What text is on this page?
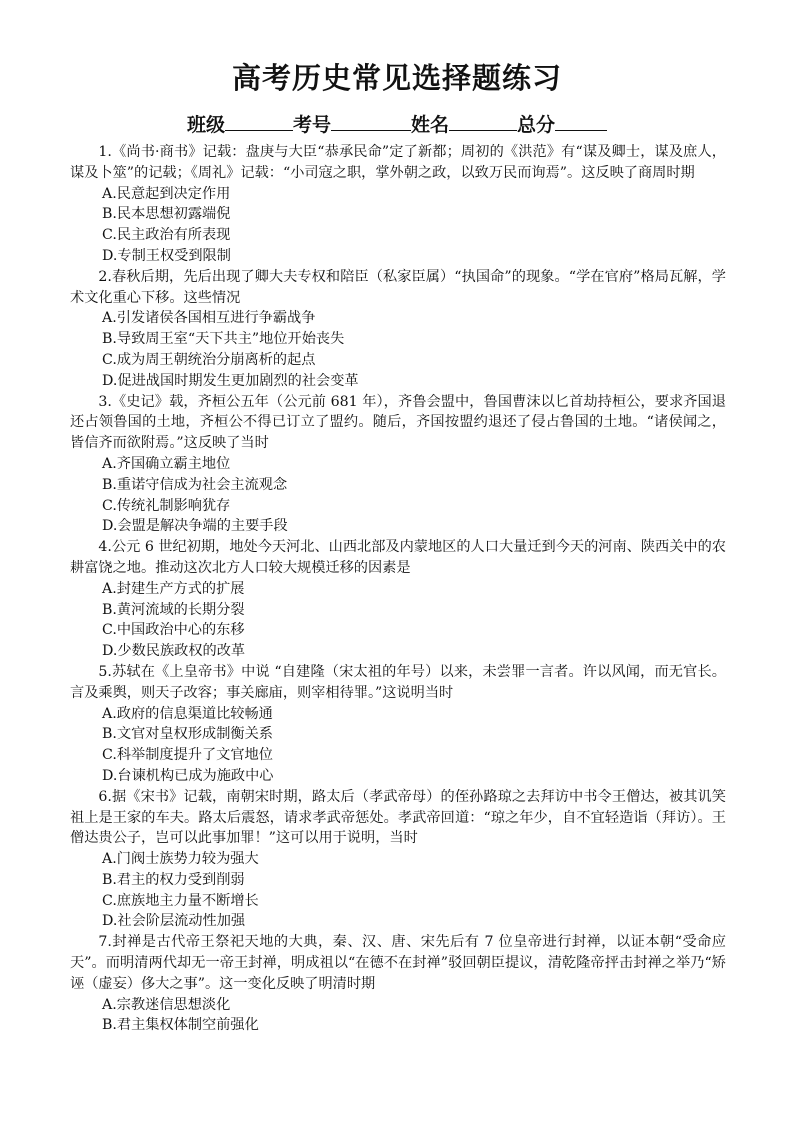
高考历史常见选择题练习
班级	考号	姓名	总分

1.《尚书·商书》记载：盘庚与大臣“恭承民命”定了新都；周初的《洪范》有“谋及卿士，谋及庶人，谋及卜筮”的记载；《周礼》记载：“小司寇之职，掌外朝之政，以致万民而询焉”。这反映了商周时期

A.民意起到决定作用

B.民本思想初露端倪

C.民主政治有所表现

D.专制王权受到限制

2.春秋后期，先后出现了卿大夫专权和陪臣（私家臣属）“执国命”的现象。“学在官府”格局瓦解，学术文化重心下移。这些情况

A.引发诸侯各国相互进行争霸战争

B.导致周王室“天下共主”地位开始丧失

C.成为周王朝统治分崩离析的起点

D.促进战国时期发生更加剧烈的社会变革

3.《史记》载，齐桓公五年（公元前 681 年），齐鲁会盟中，鲁国曹沫以匕首劫持桓公，要求齐国退还占领鲁国的土地，齐桓公不得已订立了盟约。随后，齐国按盟约退还了侵占鲁国的土地。“诸侯闻之，皆信齐而欲附焉。”这反映了当时

A.齐国确立霸主地位

B.重诺守信成为社会主流观念

C.传统礼制影响犹存

D.会盟是解决争端的主要手段

4.公元 6 世纪初期，地处今天河北、山西北部及内蒙地区的人口大量迁到今天的河南、陕西关中的农耕富饶之地。推动这次北方人口较大规模迁移的因素是

A.封建生产方式的扩展

B.黄河流域的长期分裂

C.中国政治中心的东移

D.少数民族政权的改革

5.苏轼在《上皇帝书》中说 “自建隆（宋太祖的年号）以来，未尝罪一言者。许以风闻，而无官长。言及乘舆，则天子改容；事关廊庙，则宰相待罪。”这说明当时

A.政府的信息渠道比较畅通

B.文官对皇权形成制衡关系

C.科举制度提升了文官地位

D.台谏机构已成为施政中心

6.据《宋书》记载，南朝宋时期，路太后（孝武帝母）的侄孙路琼之去拜访中书令王僧达，被其讥笑祖上是王家的车夫。路太后震怒，请求孝武帝惩处。孝武帝回道：“琼之年少，自不宜轻造诣（拜访）。王僧达贵公子，岂可以此事加罪！”这可以用于说明，当时

A.门阀士族势力较为强大

B.君主的权力受到削弱

C.庶族地主力量不断增长

D.社会阶层流动性加强

7.封禅是古代帝王祭祀天地的大典，秦、汉、唐、宋先后有 7 位皇帝进行封禅，以证本朝“受命应天”。而明清两代却无一帝王封禅，明成祖以“在德不在封禅”驳回朝臣提议，清乾隆帝抨击封禅之举乃“矫诬（虚妄）侈大之事”。这一变化反映了明清时期

A.宗教迷信思想淡化

B.君主集权体制空前强化
